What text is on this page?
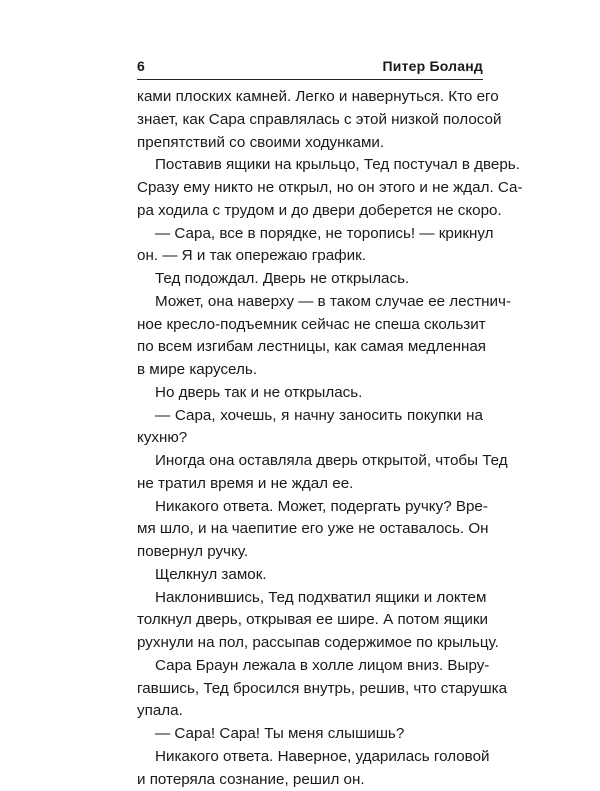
6	Питер Боланд
ками плоских камней. Легко и навернуться. Кто его
знает, как Сара справлялась с этой низкой полосой
препятствий со своими ходунками.
Поставив ящики на крыльцо, Тед постучал в дверь.
Сразу ему никто не открыл, но он этого и не ждал. Са-
ра ходила с трудом и до двери доберется не скоро.
— Сара, все в порядке, не торопись! — крикнул
он. — Я и так опережаю график.
Тед подождал. Дверь не открылась.
Может, она наверху — в таком случае ее лестнич-
ное кресло-подъемник сейчас не спеша скользит
по всем изгибам лестницы, как самая медленная
в мире карусель.
Но дверь так и не открылась.
— Сара, хочешь, я начну заносить покупки на
кухню?
Иногда она оставляла дверь открытой, чтобы Тед
не тратил время и не ждал ее.
Никакого ответа. Может, подергать ручку? Вре-
мя шло, и на чаепитие его уже не оставалось. Он
повернул ручку.
Щелкнул замок.
Наклонившись, Тед подхватил ящики и локтем
толкнул дверь, открывая ее шире. А потом ящики
рухнули на пол, рассыпав содержимое по крыльцу.
Сара Браун лежала в холле лицом вниз. Выру-
гавшись, Тед бросился внутрь, решив, что старушка
упала.
— Сара! Сара! Ты меня слышишь?
Никакого ответа. Наверное, ударилась головой
и потеряла сознание, решил он.
